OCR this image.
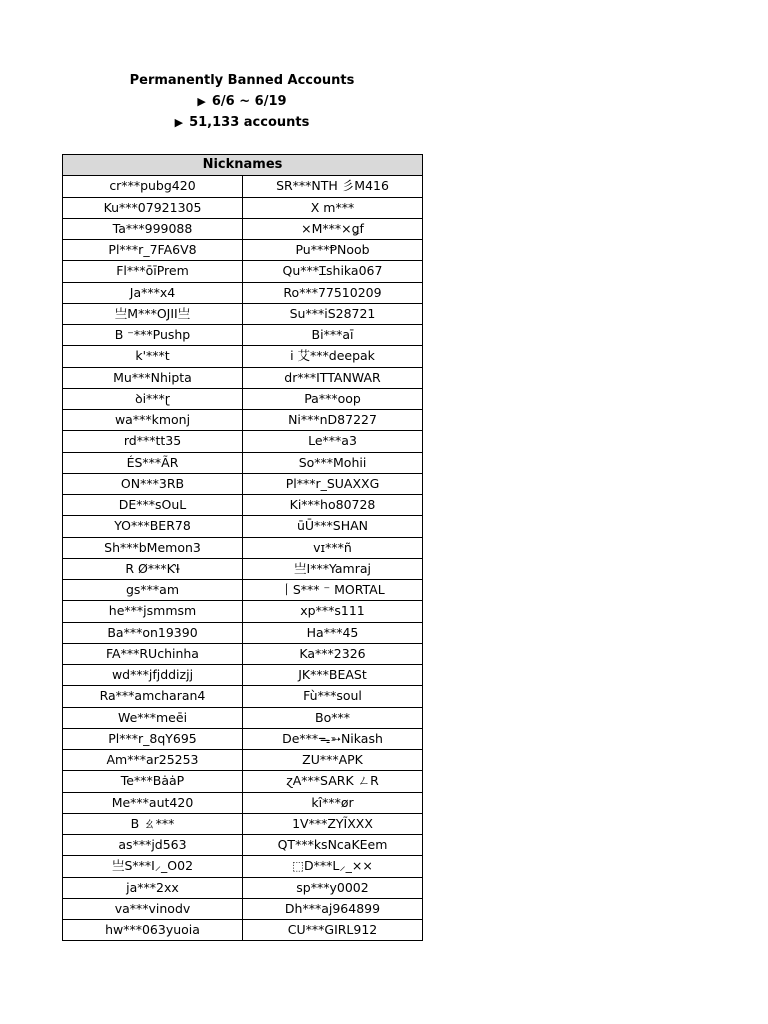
Permanently Banned Accounts
▶ 6/6 ~ 6/19
▶ 51,133 accounts
Nicknames	
cr***pubg420	SR***NTH 彡M416
Ku***07921305	X m***
Ta***999088	×M***×ǥf
Pl***r_7FA6V8	Pu***ⱣNoob
Fl***ōīPrem	Qu***Ɪshika067
Ja***x4	Ro***77510209
亗M***OJII亗	Su***iS28721
B ⁻***Pushp	Bi***aī
k'***t	i 艾***deepak
Mu***Nhipta	dr***ITTANWAR
ꝺi***ɽ	Pa***oop
wa***kmonj	Ni***nD87227
rd***tt35	Le***a3
ÉS***ÃR	So***Mohii
ON***3RB	Pl***r_SUAXXG
DE***sOuL	Ki***ho80728
YO***BER78	ūŪ***SHAN
Sh***bMemon3	vɪ***ñ
R Ø***ƘƗ	亗I***Yamraj
gs***am	丨S*** ⁻ MORTAL
he***jsmmsm	xp***s111
Ba***on19390	Ha***45
FA***RUchinha	Ka***2326
wd***jfjddizjj	JK***BEASt
Ra***amcharan4	Fù***soul
We***meēi	Bo***
Pl***r_8qY695	De***ᯓ➳Nikash
Am***ar25253	ZU***APK
Te***BȧȧP	ɀA***SARK ㄥR
Me***aut420	kȋ***ør
B ㄠ***	1V***ZYĨXXX
as***jd563	QT***ksNcaKEem
亗S***I⸝_O02	⬚D***L⸝_××
ja***2xx	sp***y0002
va***vinodv	Dh***aj964899
hw***063yuoia	CU***GIRL912
